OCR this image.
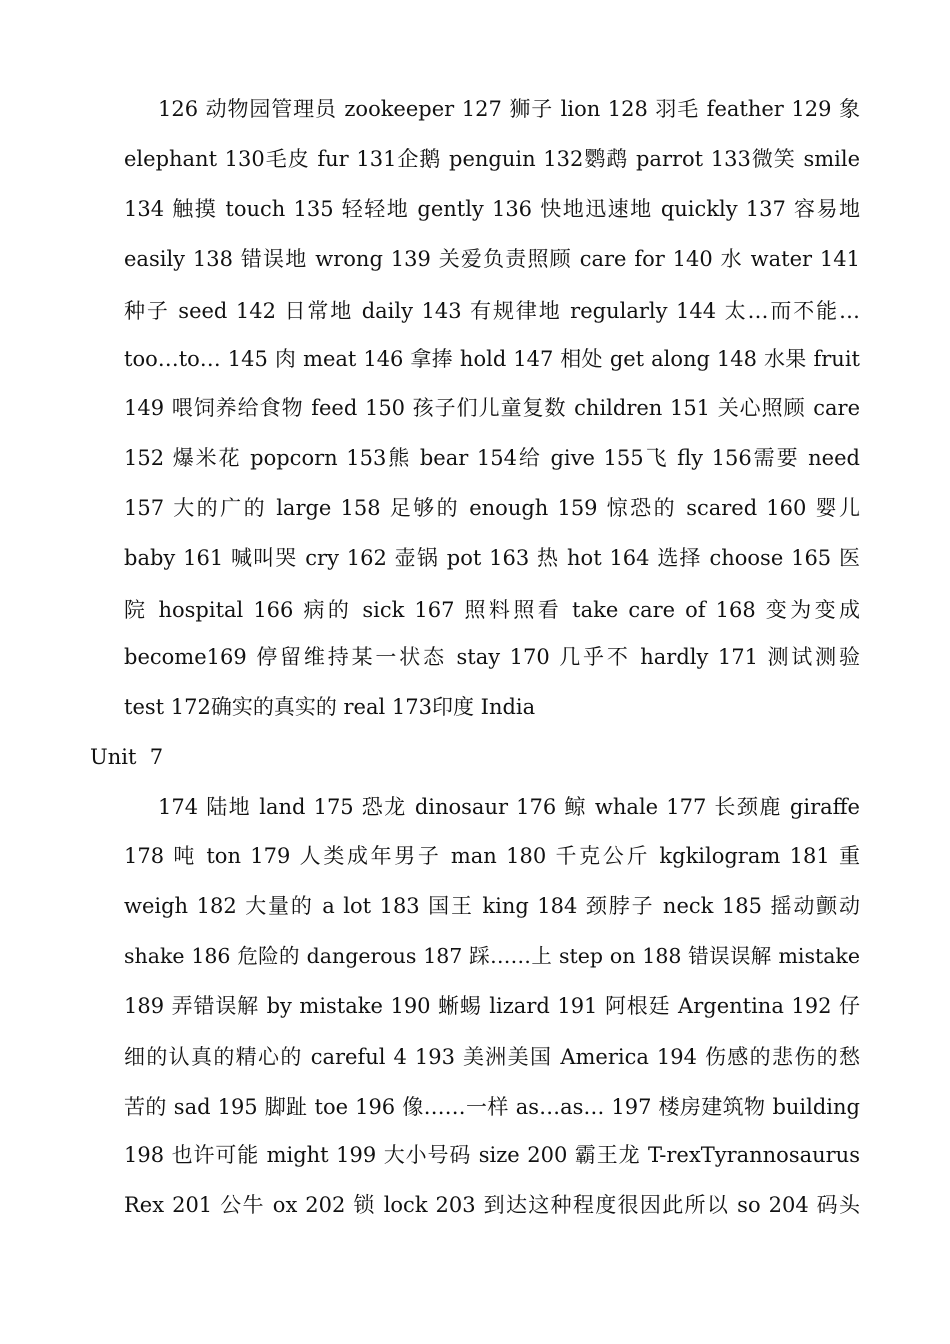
126 动物园管理员 zookeeper 127 狮子 lion 128 羽毛 feather 129 象
elephant 130毛皮 fur 131企鹅 penguin 132鹦鹉 parrot 133微笑 smile
134 触摸 touch 135 轻轻地 gently 136 快地迅速地 quickly 137 容易地
easily 138 错误地 wrong 139 关爱负责照顾 care for 140 水 water 141
种子 seed 142 日常地 daily 143 有规律地 regularly 144 太…而不能…
too…to… 145 肉 meat 146 拿捧 hold 147 相处 get along 148 水果 fruit
149 喂饲养给食物 feed 150 孩子们儿童复数 children 151 关心照顾 care
152 爆米花 popcorn 153熊 bear 154给 give 155飞 fly 156需要 need
157 大的广的 large 158 足够的 enough 159 惊恐的 scared 160 婴儿
baby 161 喊叫哭 cry 162 壶锅 pot 163 热 hot 164 选择 choose 165 医
院 hospital 166 病的 sick 167 照料照看 take care of 168 变为变成
become169 停留维持某一状态 stay 170 几乎不 hardly 171 测试测验
test 172确实的真实的 real 173印度 India
Unit  7
174 陆地 land 175 恐龙 dinosaur 176 鲸 whale 177 长颈鹿 giraffe
178 吨 ton 179 人类成年男子 man 180 千克公斤 kgkilogram 181 重
weigh 182 大量的 a lot 183 国王 king 184 颈脖子 neck 185 摇动颤动
shake 186 危险的 dangerous 187 踩……上 step on 188 错误误解 mistake
189 弄错误解 by mistake 190 蜥蜴 lizard 191 阿根廷 Argentina 192 仔
细的认真的精心的 careful 4 193 美洲美国 America 194 伤感的悲伤的愁
苦的 sad 195 脚趾 toe 196 像……一样 as…as… 197 楼房建筑物 building
198 也许可能 might 199 大小号码 size 200 霸王龙 T-rexTyrannosaurus
Rex 201 公牛 ox 202 锁 lock 203 到达这种程度很因此所以 so 204 码头
